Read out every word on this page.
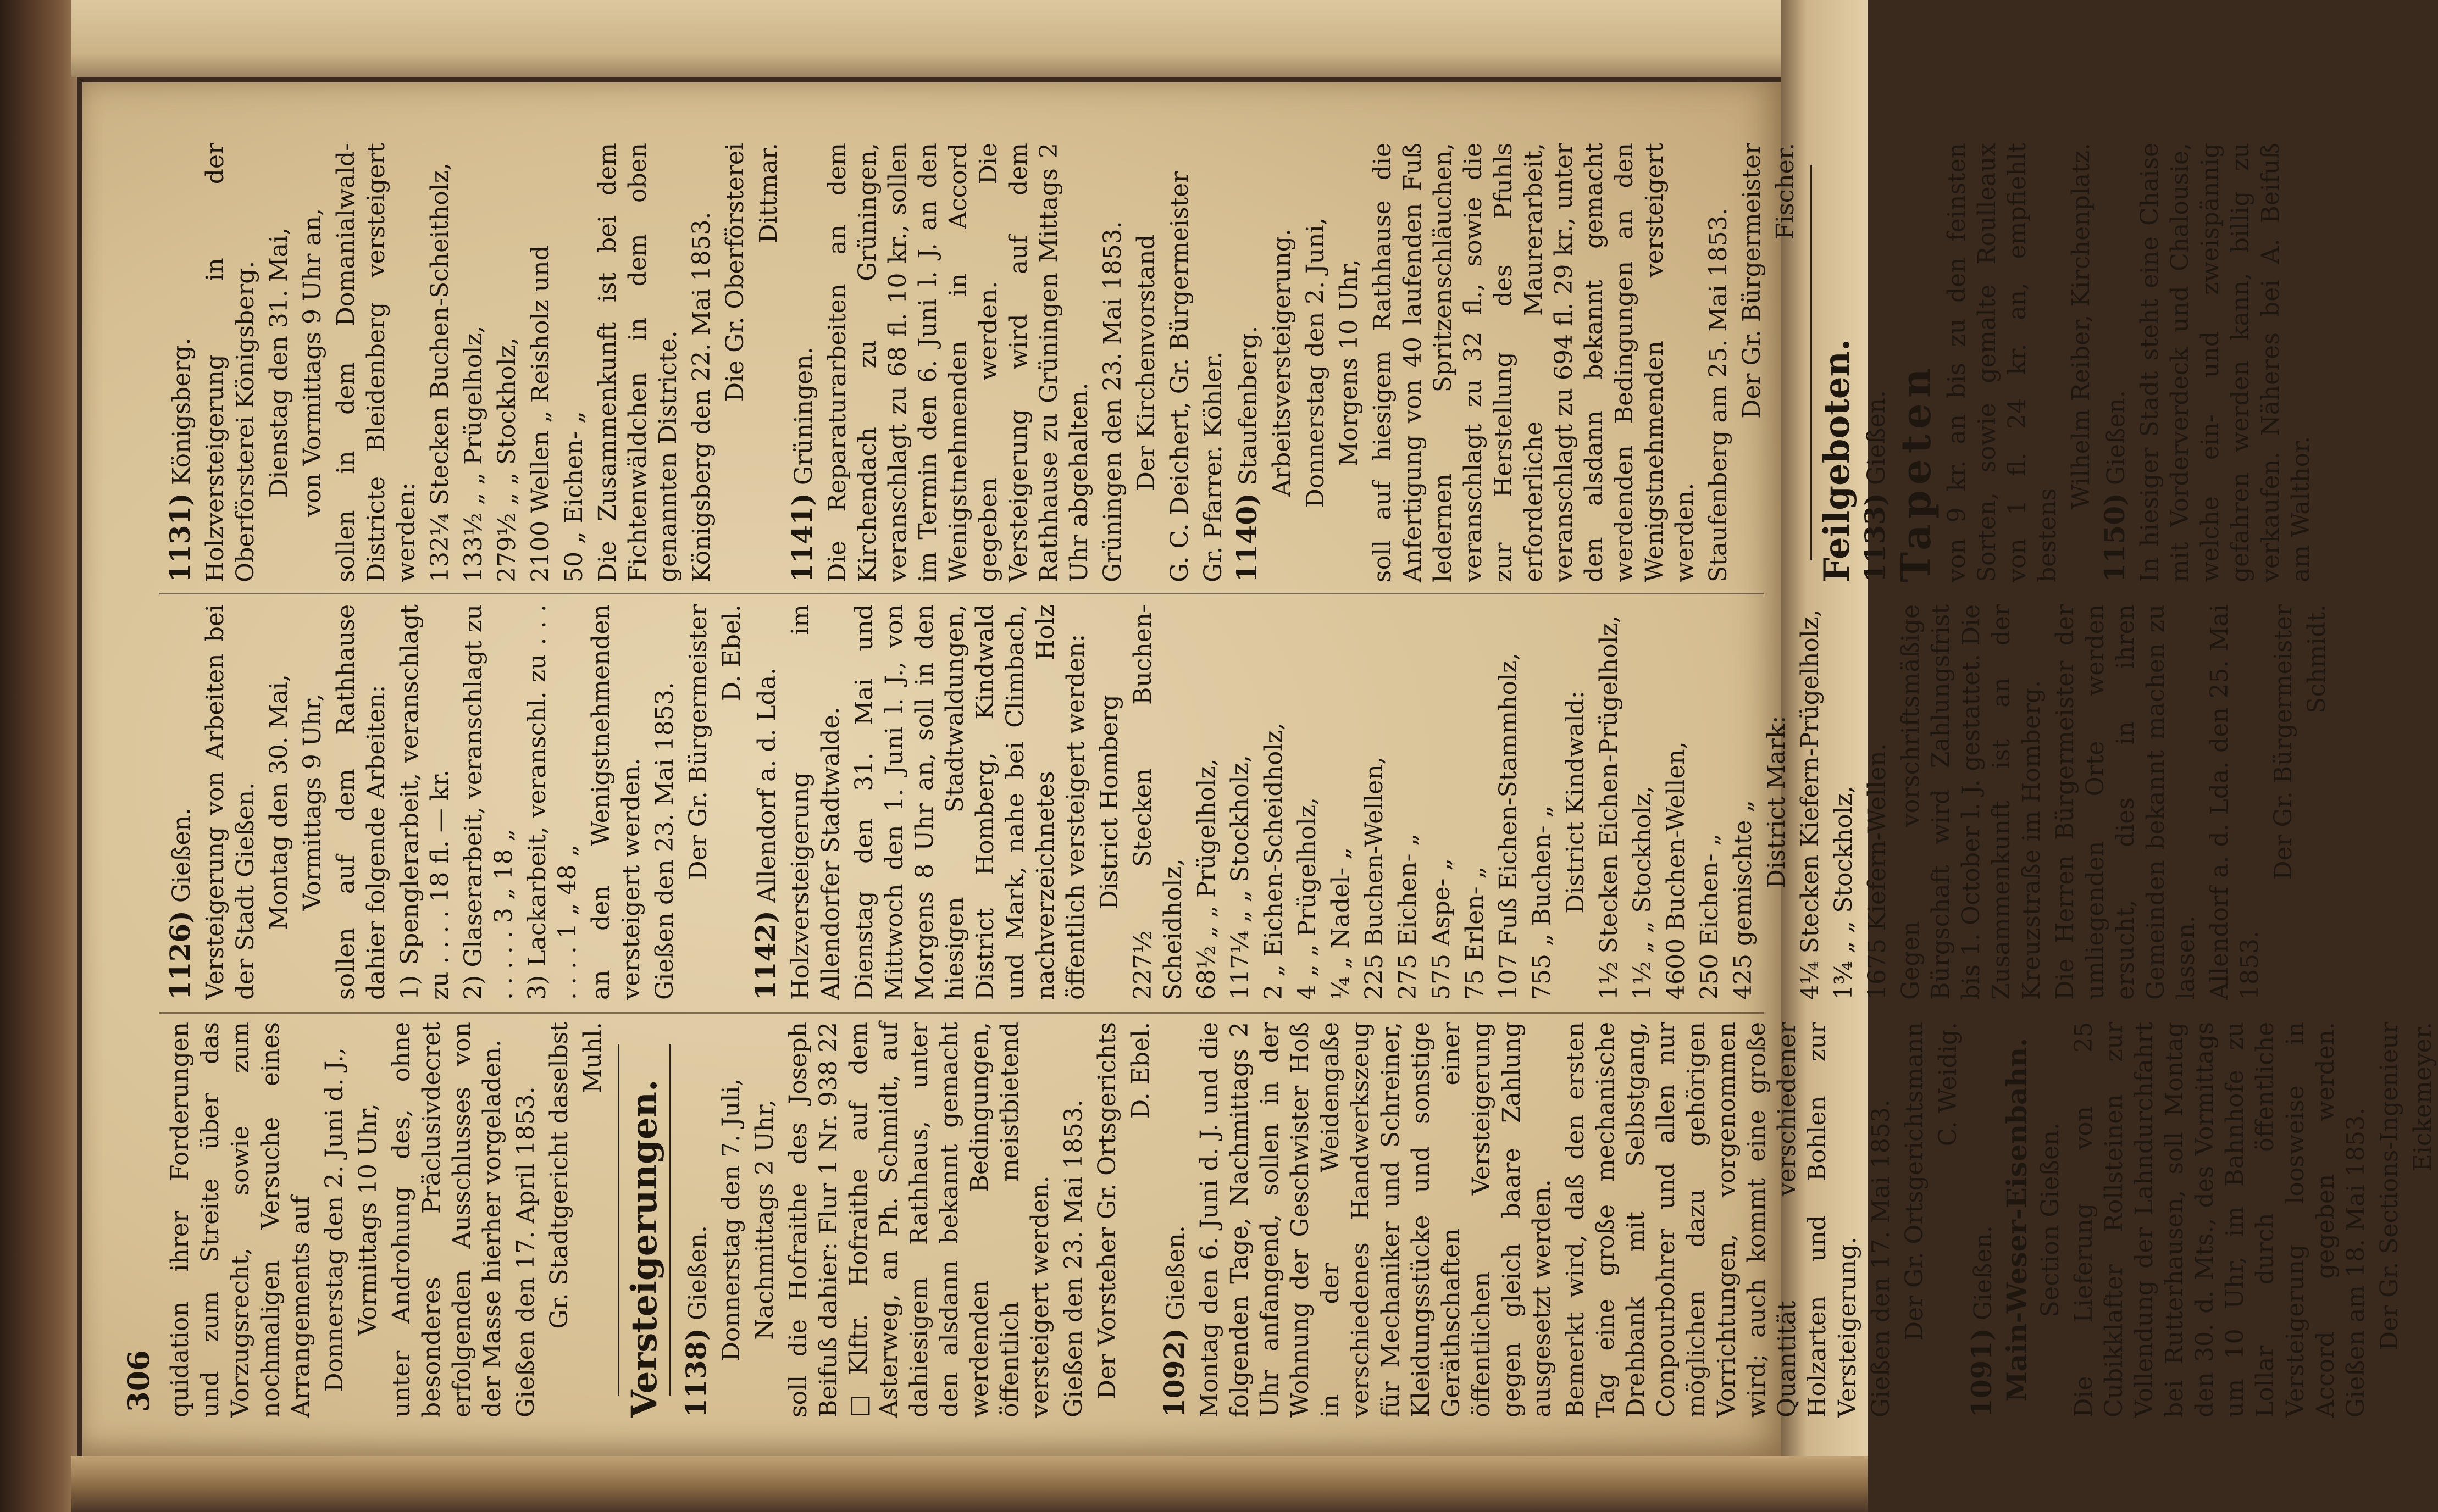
306 quidation ihrer Forderungen und zum Streite über das Vorzugsrecht, sowie zum nochmaligen Versuche eines Arrangements auf Donnerstag den 2. Juni d. J., Vormittags 10 Uhr, unter Androhung des, ohne besonderes Präclusivdecret erfolgenden Ausschlusses von der Masse hierher vorgeladen. Gießen den 17. April 1853. Gr. Stadtgericht daselbst Muhl.

Versteigerungen. 1138) Gießen. Donnerstag den 7. Juli, Nachmittags 2 Uhr, soll die Hofraithe des Joseph Beifuß dahier: Flur 1 Nr. 938 22 □Klftr. Hofraithe auf dem Asterweg, an Ph. Schmidt, auf dahiesigem Rathhaus, unter den alsdann bekannt gemacht werdenden Bedingungen, öffentlich meistbietend versteigert werden. Gießen den 23. Mai 1853. Der Vorsteher Gr. Ortsgerichts D. Ebel.

1092) Gießen. Montag den 6. Juni d. J. und die folgenden Tage, Nachmittags 2 Uhr anfangend, sollen in der Wohnung der Geschwister Hoß in der Weidengaße verschiedenes Handwerkszeug für Mechaniker und Schreiner, Kleidungsstücke und sonstige Geräthschaften einer öffentlichen Versteigerung gegen gleich baare Zahlung ausgesetzt werden. Bemerkt wird, daß den ersten Tag eine große mechanische Drehbank mit Selbstgang, Conpourbohrer und allen nur möglichen dazu gehörigen Vorrichtungen, vorgenommen wird; auch kommt eine große Quantität verschiedener Holzarten und Bohlen zur Versteigerung. Gießen den 17. Mai 1853. Der Gr. Ortsgerichtsmann C. Weidig.

1091) Gießen. Main-Weser-Eisenbahn. Section Gießen. Die Lieferung von 25 Cubikklafter Rollsteinen zur Vollendung der Lahndurchfahrt bei Rutterhausen, soll Montag den 30. d. Mts., des Vormittags um 10 Uhr, im Bahnhofe zu Lollar durch öffentliche Versteigerung loosweise in Accord gegeben werden. Gießen am 18. Mai 1853. Der Gr. Sections-Ingenieur Eickemeyer.

1126) Gießen. Versteigerung von Arbeiten bei der Stadt Gießen. Montag den 30. Mai, Vormittags 9 Uhr, sollen auf dem Rathhause dahier folgende Arbeiten: 1) Spenglerarbeit, veranschlagt zu . . . . 18 fl. — kr. 2) Glaserarbeit, veranschlagt zu . . . . . 3 „ 18 „ 3) Lackarbeit, veranschl. zu . . . . . . . 1 „ 48 „ an den Wenigstnehmenden versteigert werden. Gießen den 23. Mai 1853. Der Gr. Bürgermeister D. Ebel.

1142) Allendorf a. d. Lda. Holzversteigerung im Allendorfer Stadtwalde. Dienstag den 31. Mai und Mittwoch den 1. Juni l. J., von Morgens 8 Uhr an, soll in den hiesigen Stadtwaldungen, District Homberg, Kindwald und Mark, nahe bei Climbach, nachverzeichnetes Holz öffentlich versteigert werden: District Homberg 227½ Stecken Buchen-Scheidholz, 68½ „ „ Prügelholz, 117¼ „ „ Stockholz, 2 „ Eichen-Scheidholz, 4 „ „ Prügelholz, ¼ „ Nadel- „ 225 Buchen-Wellen, 275 Eichen- „ 575 Aspe- „ 75 Erlen- „ 107 Fuß Eichen-Stammholz, 755 „ Buchen- „ District Kindwald: 1½ Stecken Eichen-Prügelholz, 1½ „ „ Stockholz, 4600 Buchen-Wellen, 250 Eichen- „ 425 gemischte „ District Mark: 4¼ Stecken Kiefern-Prügelholz, 1¾ „ „ Stockholz, 1675 Kiefern-Wellen. Gegen vorschriftsmäßige Bürgschaft wird Zahlungsfrist bis 1. October l. J. gestattet. Die Zusammenkunft ist an der Kreuzstraße im Homberg. Die Herren Bürgermeister der umliegenden Orte werden ersucht, dies in ihren Gemeinden bekannt machen zu lassen. Allendorf a. d. Lda. den 25. Mai 1853.

Der Gr. Bürgermeister Schmidt.

1131) Königsberg. Holzversteigerung in der Oberförsterei Königsberg. Dienstag den 31. Mai, von Vormittags 9 Uhr an, sollen in dem Domanialwald-Districte Bleidenberg versteigert werden: 132¼ Stecken Buchen-Scheitholz, 133½ „ „ Prügelholz, 279½ „ „ Stockholz, 2100 Wellen „ Reisholz und 50 „ Eichen- „ Die Zusammenkunft ist bei dem Fichtenwäldchen in dem oben genannten Districte. Königsberg den 22. Mai 1853. Die Gr. Oberförsterei Dittmar.

1141) Grüningen. Die Reparaturarbeiten an dem Kirchendach zu Grüningen, veranschlagt zu 68 fl. 10 kr., sollen im Termin den 6. Juni l. J. an den Wenigstnehmenden in Accord gegeben werden. Die Versteigerung wird auf dem Rathhause zu Grüningen Mittags 2 Uhr abgehalten. Grüningen den 23. Mai 1853. Der Kirchenvorstand G. C. Deichert, Gr. Bürgermeister Gr. Pfarrer. Köhler. 1140) Staufenberg. Arbeitsversteigerung. Donnerstag den 2. Juni, Morgens 10 Uhr, soll auf hiesigem Rathhause die Anfertigung von 40 laufenden Fuß ledernen Spritzenschläuchen, veranschlagt zu 32 fl., sowie die zur Herstellung des Pfuhls erforderliche Maurerarbeit, veranschlagt zu 694 fl. 29 kr., unter den alsdann bekannt gemacht werdenden Bedingungen an den Wenigstnehmenden versteigert werden. Staufenberg am 25. Mai 1853. Der Gr. Bürgermeister Fischer.

Feilgeboten. 1133) Gießen. Tapeten von 9 kr. an bis zu den feinsten Sorten, sowie gemalte Roulleaux von 1 fl. 24 kr. an, empfiehlt bestens

Wilhelm Reiber, Kirchenplatz.

1150) Gießen. In hiesiger Stadt steht eine Chaise mit Vorderverdeck und Chalousie, welche ein- und zweispännig gefahren werden kann, billig zu verkaufen. Näheres bei A. Beifuß am Walthor.
